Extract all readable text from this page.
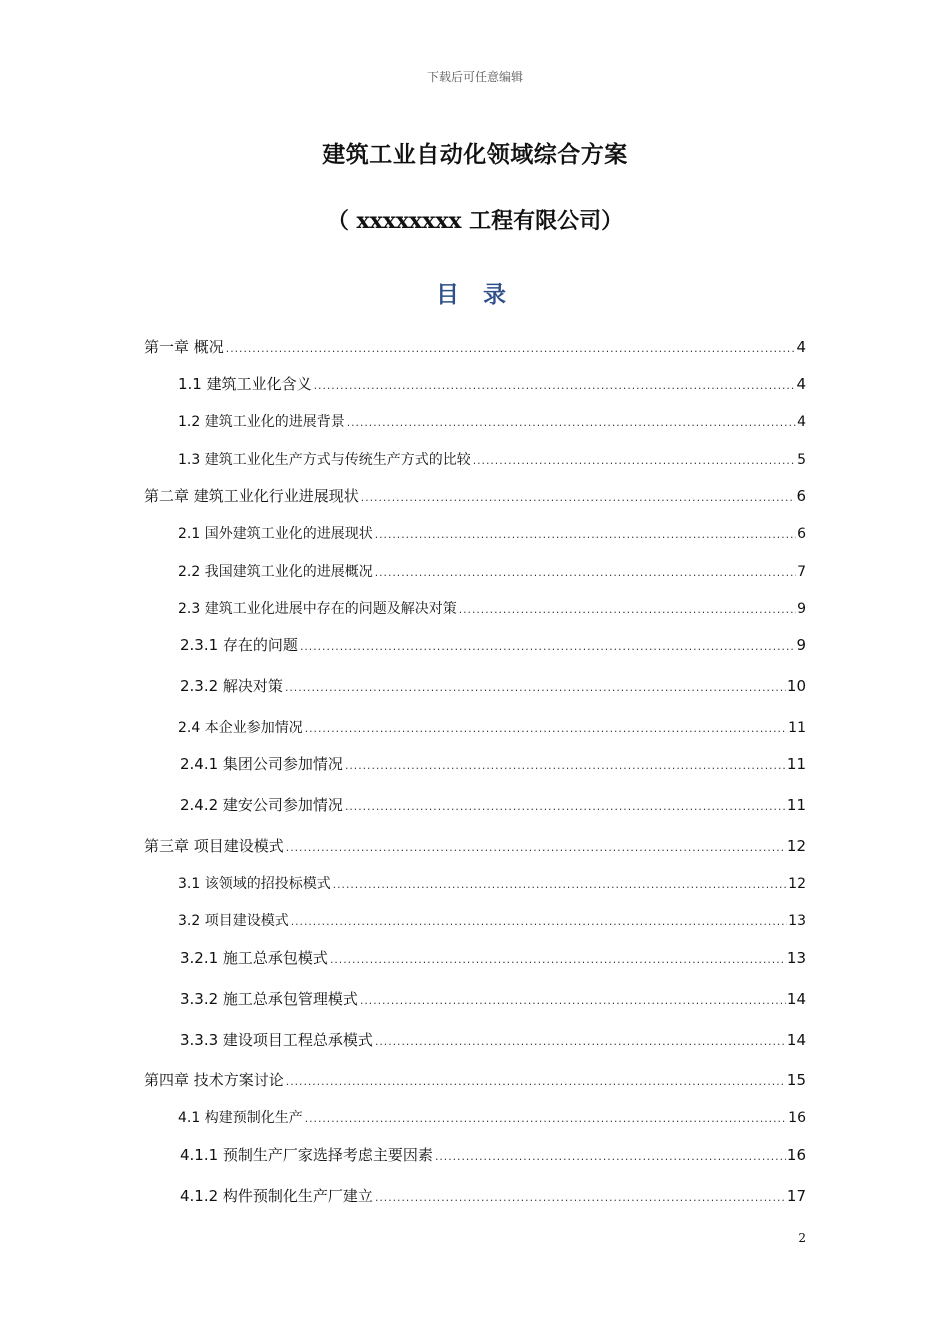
下载后可任意编辑
建筑工业自动化领域综合方案
（ xxxxxxxx 工程有限公司）
目 录
第一章 概况 .....	4
1.1 建筑工业化含义 .....	4
1.2 建筑工业化的进展背景 .....	4
1.3 建筑工业化生产方式与传统生产方式的比较 .....	5
第二章 建筑工业化行业进展现状 .....	6
2.1 国外建筑工业化的进展现状 .....	6
2.2 我国建筑工业化的进展概况 .....	7
2.3 建筑工业化进展中存在的问题及解决对策 .....	9
2.3.1 存在的问题 .....	9
2.3.2 解决对策 .....	10
2.4 本企业参加情况 .....	11
2.4.1 集团公司参加情况 .....	11
2.4.2 建安公司参加情况 .....	11
第三章 项目建设模式 .....	12
3.1 该领域的招投标模式 .....	12
3.2 项目建设模式 .....	13
3.2.1 施工总承包模式 .....	13
3.3.2 施工总承包管理模式 .....	14
3.3.3 建设项目工程总承模式 .....	14
第四章 技术方案讨论 .....	15
4.1 构建预制化生产 .....	16
4.1.1 预制生产厂家选择考虑主要因素 .....	16
4.1.2 构件预制化生产厂建立 .....	17
2
